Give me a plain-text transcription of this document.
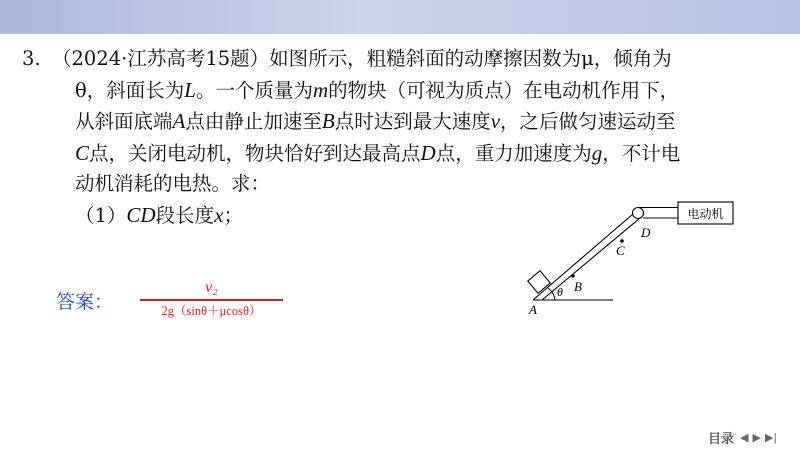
3. （2024·江苏高考15题）如图所示，粗糙斜面的动摩擦因数为μ，倾角为
θ，斜面长为L。一个质量为m的物块（可视为质点）在电动机作用下，
从斜面底端A点由静止加速至B点时达到最大速度v，之后做匀速运动至
C点，关闭电动机，物块恰好到达最高点D点，重力加速度为g，不计电
动机消耗的电热。求：
（1）CD段长度x；
答案：
v₂
2g（sinθ＋μcosθ）
电动机
θ
A
B
C
D
目录 ◀ ▶ ▶|
